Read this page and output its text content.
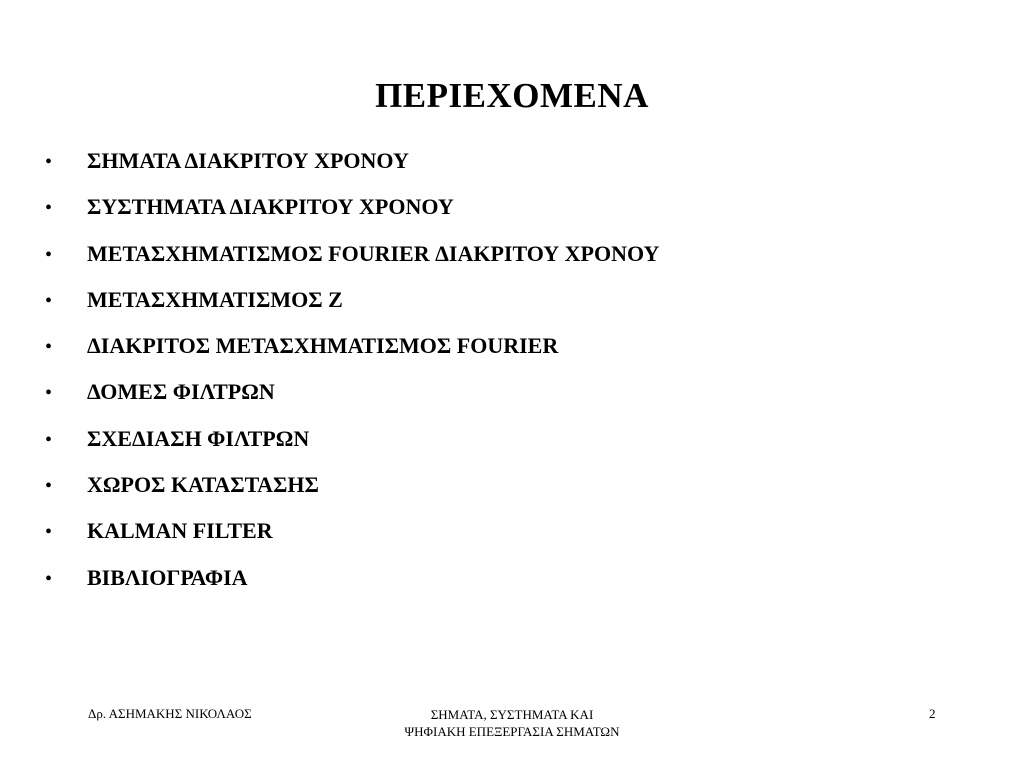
ΠΕΡΙΕΧΟΜΕΝΑ
•	ΣΗΜΑΤΑ ΔΙΑΚΡΙΤΟΥ ΧΡΟΝΟΥ
•	ΣΥΣΤΗΜΑΤΑ ΔΙΑΚΡΙΤΟΥ ΧΡΟΝΟΥ
•	ΜΕΤΑΣΧΗΜΑΤΙΣΜΟΣ FOURIER ΔΙΑΚΡΙΤΟΥ ΧΡΟΝΟΥ
•	ΜΕΤΑΣΧΗΜΑΤΙΣΜΟΣ Ζ
•	ΔΙΑΚΡΙΤΟΣ ΜΕΤΑΣΧΗΜΑΤΙΣΜΟΣ FOURIER
•	ΔΟΜΕΣ ΦΙΛΤΡΩΝ
•	ΣΧΕΔΙΑΣΗ ΦΙΛΤΡΩΝ
•	ΧΩΡΟΣ ΚΑΤΑΣΤΑΣΗΣ
•	KALMAN FILTER
•	ΒΙΒΛΙΟΓΡΑΦΙΑ
Δρ. ΑΣΗΜΑΚΗΣ ΝΙΚΟΛΑΟΣ	ΣΗΜΑΤΑ, ΣΥΣΤΗΜΑΤΑ ΚΑΙ
ΨΗΦΙΑΚΗ ΕΠΕΞΕΡΓΑΣΙΑ ΣΗΜΑΤΩΝ
2
